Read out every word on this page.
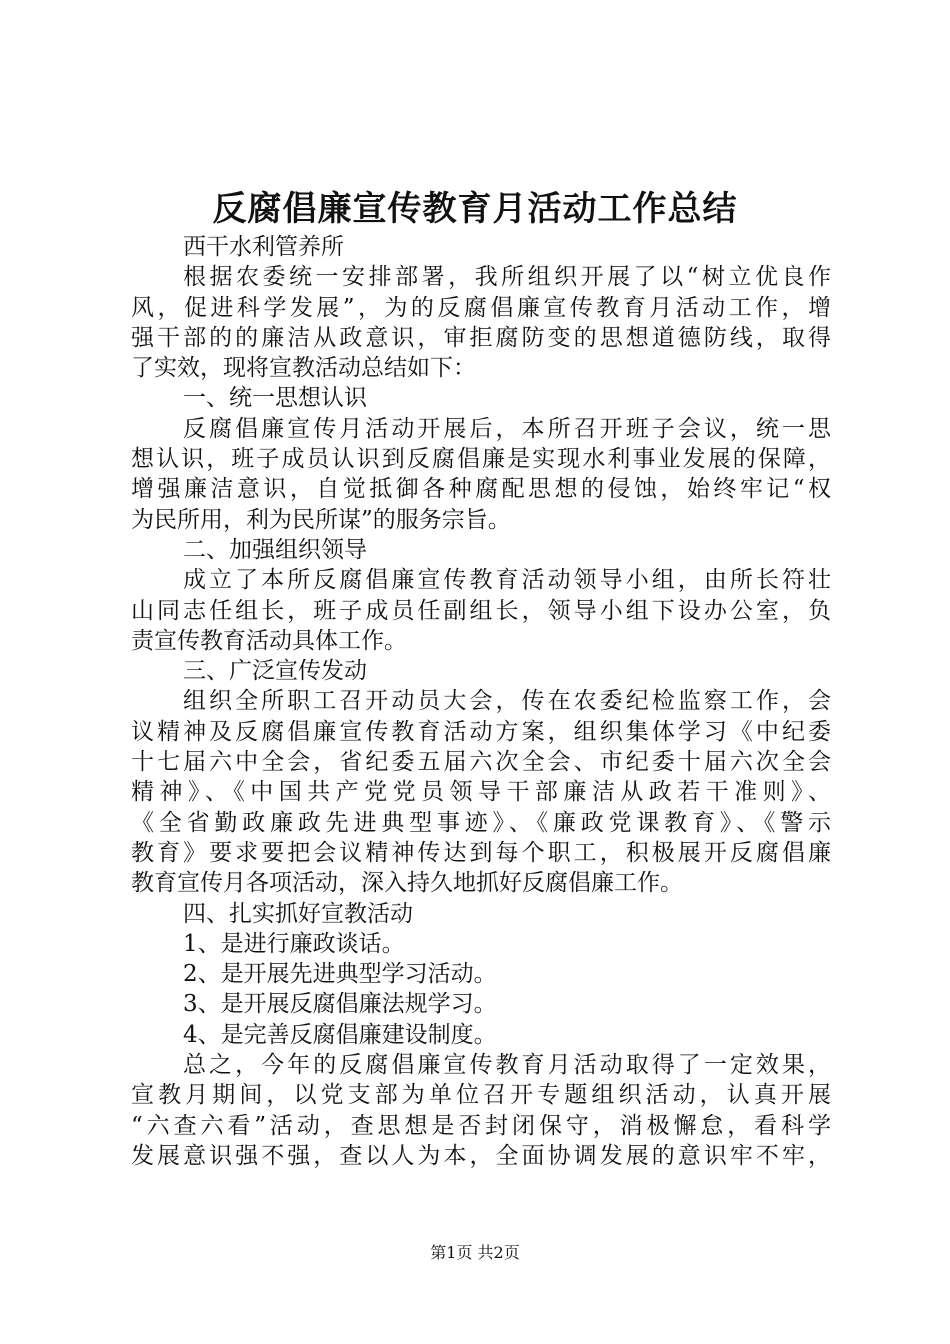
反腐倡廉宣传教育月活动工作总结
西干水利管养所
根据农委统一安排部署，我所组织开展了以“树立优良作
风，促进科学发展”，为的反腐倡廉宣传教育月活动工作，增
强干部的的廉洁从政意识，审拒腐防变的思想道德防线，取得
了实效，现将宣教活动总结如下：
一、统一思想认识
反腐倡廉宣传月活动开展后，本所召开班子会议，统一思
想认识，班子成员认识到反腐倡廉是实现水利事业发展的保障，
增强廉洁意识，自觉抵御各种腐配思想的侵蚀，始终牢记“权
为民所用，利为民所谋”的服务宗旨。
二、加强组织领导
成立了本所反腐倡廉宣传教育活动领导小组，由所长符壮
山同志任组长，班子成员任副组长，领导小组下设办公室，负
责宣传教育活动具体工作。
三、广泛宣传发动
组织全所职工召开动员大会，传在农委纪检监察工作，会
议精神及反腐倡廉宣传教育活动方案，组织集体学习《中纪委
十七届六中全会，省纪委五届六次全会、市纪委十届六次全会
精神》、《中国共产党党员领导干部廉洁从政若干准则》、
《全省勤政廉政先进典型事迹》、《廉政党课教育》、《警示
教育》要求要把会议精神传达到每个职工，积极展开反腐倡廉
教育宣传月各项活动，深入持久地抓好反腐倡廉工作。
四、扎实抓好宣教活动
1、是进行廉政谈话。
2、是开展先进典型学习活动。
3、是开展反腐倡廉法规学习。
4、是完善反腐倡廉建设制度。
总之，今年的反腐倡廉宣传教育月活动取得了一定效果，
宣教月期间，以党支部为单位召开专题组织活动，认真开展
“六查六看”活动，查思想是否封闭保守，消极懈怠，看科学
发展意识强不强，查以人为本，全面协调发展的意识牢不牢，
第1页 共2页
